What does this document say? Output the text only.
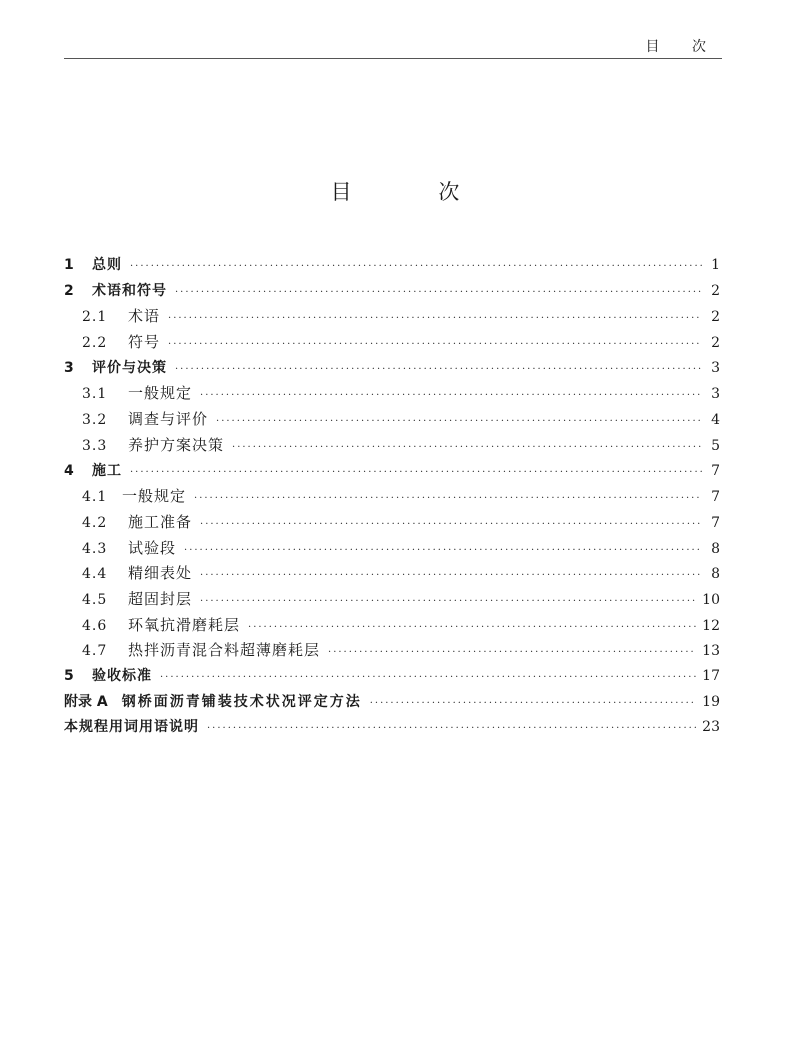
目 次
目 次
1	总则 ·····	1
2	术语和符号 ·····	2
2.1	术语 ·····	2
2.2	符号 ·····	2
3	评价与决策 ·····	3
3.1	一般规定 ·····	3
3.2	调查与评价 ·····	4
3.3	养护方案决策 ·····	5
4	施工 ·····	7
4.1 一般规定 ·····	7
4.2	施工准备 ·····	7
4.3	试验段 ·····	8
4.4	精细表处 ·····	8
4.5	超固封层 ·····	10
4.6	环氧抗滑磨耗层 ·····	12
4.7	热拌沥青混合料超薄磨耗层 ·····	13
5	验收标准 ·····	17
附录 A 钢桥面沥青铺装技术状况评定方法 ·····	19
本规程用词用语说明 ·····	23
